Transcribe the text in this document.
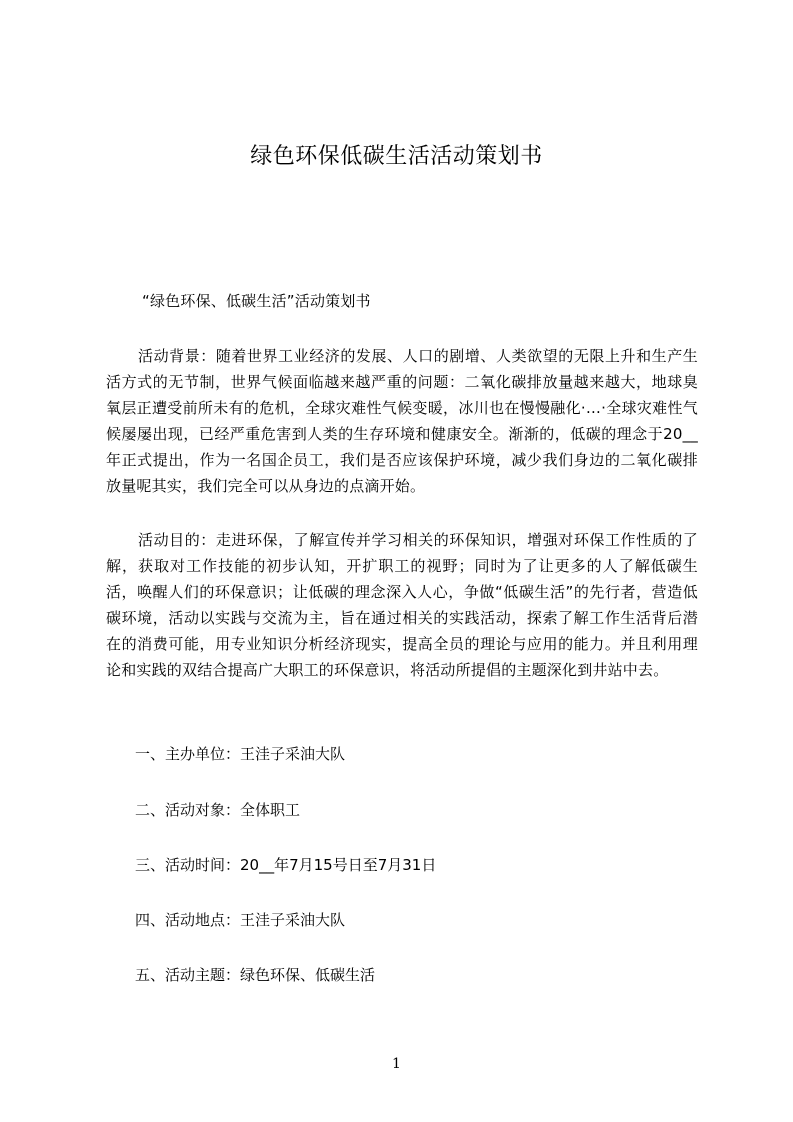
绿色环保低碳生活活动策划书
“绿色环保、低碳生活”活动策划书
活动背景：随着世界工业经济的发展、人口的剧增、人类欲望的无限上升和生产生活方式的无节制，世界气候面临越来越严重的问题：二氧化碳排放量越来越大，地球臭氧层正遭受前所未有的危机，全球灾难性气候变暖，冰川也在慢慢融化·…·全球灾难性气候屡屡出现，已经严重危害到人类的生存环境和健康安全。渐渐的，低碳的理念于20__年正式提出，作为一名国企员工，我们是否应该保护环境，减少我们身边的二氧化碳排放量呢其实，我们完全可以从身边的点滴开始。
活动目的：走进环保，了解宣传并学习相关的环保知识，增强对环保工作性质的了解，获取对工作技能的初步认知，开扩职工的视野；同时为了让更多的人了解低碳生活，唤醒人们的环保意识；让低碳的理念深入人心，争做“低碳生活”的先行者，营造低碳环境，活动以实践与交流为主，旨在通过相关的实践活动，探索了解工作生活背后潜在的消费可能，用专业知识分析经济现实，提高全员的理论与应用的能力。并且利用理论和实践的双结合提高广大职工的环保意识，将活动所提倡的主题深化到井站中去。
一、主办单位：王洼子采油大队
二、活动对象：全体职工
三、活动时间：20__年7月15号日至7月31日
四、活动地点：王洼子采油大队
五、活动主题：绿色环保、低碳生活
1
